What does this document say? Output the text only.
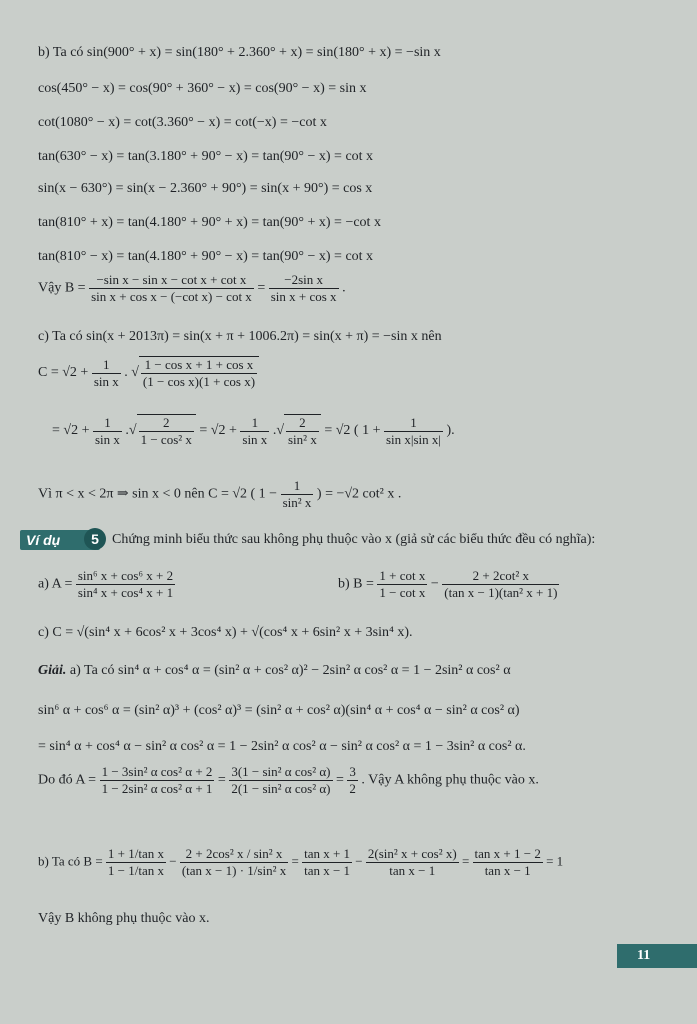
b) Ta có sin(900° + x) = sin(180° + 2.360° + x) = sin(180° + x) = −sin x
cos(450° − x) = cos(90° + 360° − x) = cos(90° − x) = sin x
cot(1080° − x) = cot(3.360° − x) = cot(−x) = −cot x
tan(630° − x) = tan(3.180° + 90° − x) = tan(90° − x) = cot x
sin(x − 630°) = sin(x − 2.360° + 90°) = sin(x + 90°) = cos x
tan(810° + x) = tan(4.180° + 90° + x) = tan(90° + x) = −cot x
tan(810° − x) = tan(4.180° + 90° − x) = tan(90° − x) = cot x
Vậy $B = \frac{\text{−sin x − sin x − cot x + cot x}}{\text{sin x + cos x − (−cot x) − cot x}} = \frac{\text{−2sin x}}{\text{sin x + cos x}}$ .
c) Ta có sin(x + 2013π) = sin(x + π + 1006.2π) = sin(x + π) = −sin x nên
$C = √2 + \frac{1}{\text{sin x}}$ . √ $\frac{\text{1 − cos x + 1 + cos x}}{\text{(1 − cos x)(1 + cos x)}}$
= $√2 + \frac{1}{\text{sin x}}$ .√ $\frac{2}{\text{1 − cos² x}} = √2 + \frac{1}{\text{sin x}}$ .√ $\frac{2}{\text{sin² x}} = √2$ ( $1 + \frac{1}{\text{sin x|sin x|}}$ ).
Vì π < x < 2π ⇒ sin x < 0 nên C = √2 ( $1 - \frac{1}{\text{sin² x}}$ ) = −√2 cot² x .
Ví dụ	5 Chứng minh biểu thức sau không phụ thuộc vào x (giả sử các biểu thức đều có nghĩa):
a) $A = \frac{\text{sin⁶ x + cos⁶ x + 2}}{\text{sin⁴ x + cos⁴ x + 1}}$	b) $B = \frac{\text{1 + cot x}}{\text{1 − cot x}} - \frac{\text{2 + 2cot² x}}{\text{(tan x − 1)(tan² x + 1)}}$
c) C = √(sin⁴ x + 6cos² x + 3cos⁴ x) + √(cos⁴ x + 6sin² x + 3sin⁴ x).
Giải. a) Ta có sin⁴ α + cos⁴ α = (sin² α + cos² α)² − 2sin² α cos² α = 1 − 2sin² α cos² α
sin⁶ α + cos⁶ α = (sin² α)³ + (cos² α)³ = (sin² α + cos² α)(sin⁴ α + cos⁴ α − sin² α cos² α)
= sin⁴ α + cos⁴ α − sin² α cos² α = 1 − 2sin² α cos² α − sin² α cos² α = 1 − 3sin² α cos² α.
Do đó $A = \frac{\text{1 − 3sin² α cos² α + 2}}{\text{1 − 2sin² α cos² α + 1}} = \frac{\text{3(1 − sin² α cos² α)}}{\text{2(1 − sin² α cos² α)}} = \frac{3}{2}$ . Vậy A không phụ thuộc vào x.
b) Ta có $B = \frac{\text{1 + 1/tan x}}{\text{1 − 1/tan x}} - \frac{\text{2 + 2cos² x / sin² x}}{\text{(tan x − 1) · 1/sin² x}} = \frac{\text{tan x + 1}}{\text{tan x − 1}} - \frac{\text{2(sin² x + cos² x)}}{\text{tan x − 1}} = \frac{\text{tan x + 1 − 2}}{\text{tan x − 1}} = 1$
Vậy B không phụ thuộc vào x.
11
